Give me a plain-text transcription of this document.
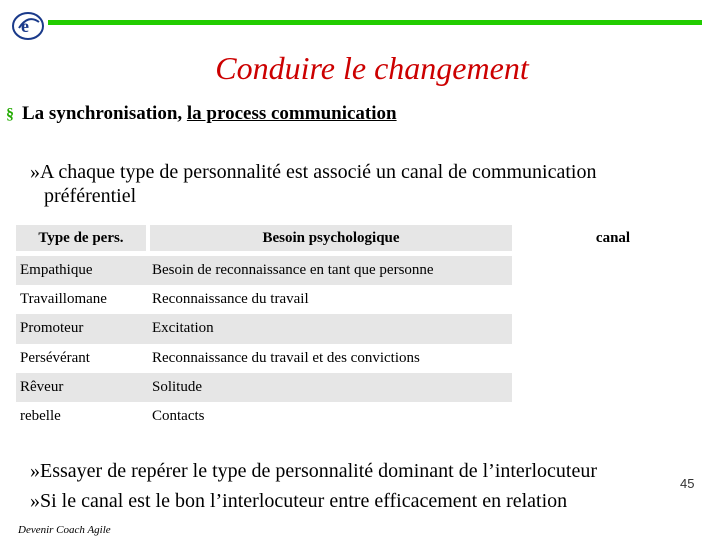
e
Conduire le changement
§ La synchronisation, la process communication
»A chaque type de personnalité est associé un canal de communication
préférentiel
Type de pers.	Besoin psychologique	canal
Empathique	Besoin de reconnaissance en tant que personne
Travaillomane	Reconnaissance du travail
Promoteur	Excitation
Persévérant	Reconnaissance du travail et des convictions
Rêveur	Solitude
rebelle	Contacts
»Essayer de repérer le type de personnalité dominant de l’interlocuteur
»Si le canal est le bon l’interlocuteur entre efficacement en relation
45
Devenir Coach Agile
